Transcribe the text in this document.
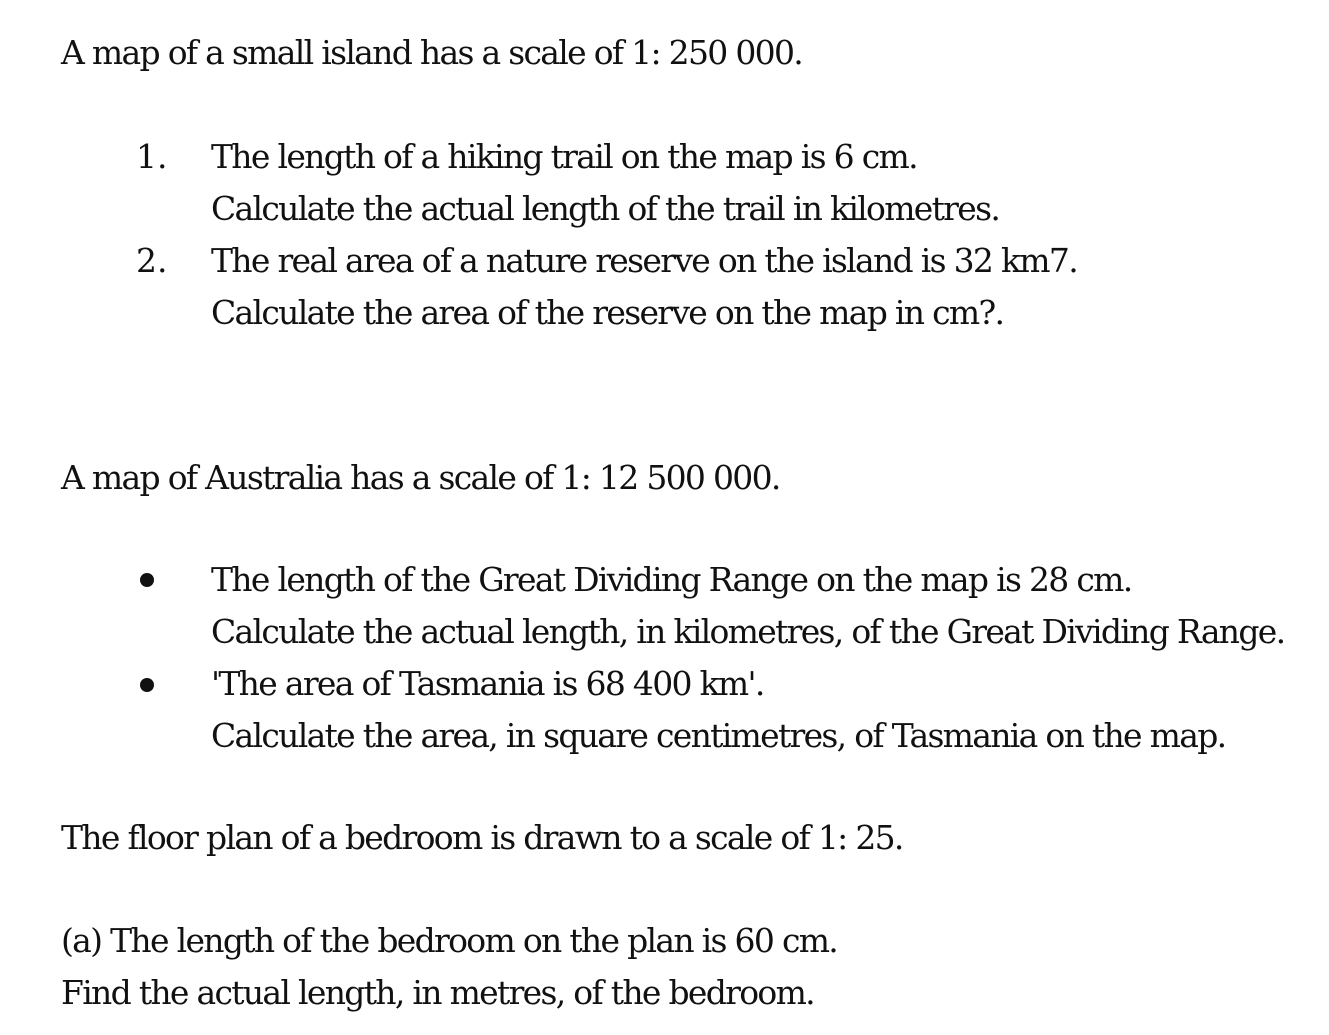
A map of a small island has a scale of 1: 250 000.
1. The length of a hiking trail on the map is 6 cm.
Calculate the actual length of the trail in kilometres.
2. The real area of a nature reserve on the island is 32 km7.
Calculate the area of the reserve on the map in cm?.
A map of Australia has a scale of 1: 12 500 000.
The length of the Great Dividing Range on the map is 28 cm.
Calculate the actual length, in kilometres, of the Great Dividing Range.
'The area of Tasmania is 68 400 km'.
Calculate the area, in square centimetres, of Tasmania on the map.
The floor plan of a bedroom is drawn to a scale of 1: 25.
(a) The length of the bedroom on the plan is 60 cm.
Find the actual length, in metres, of the bedroom.
